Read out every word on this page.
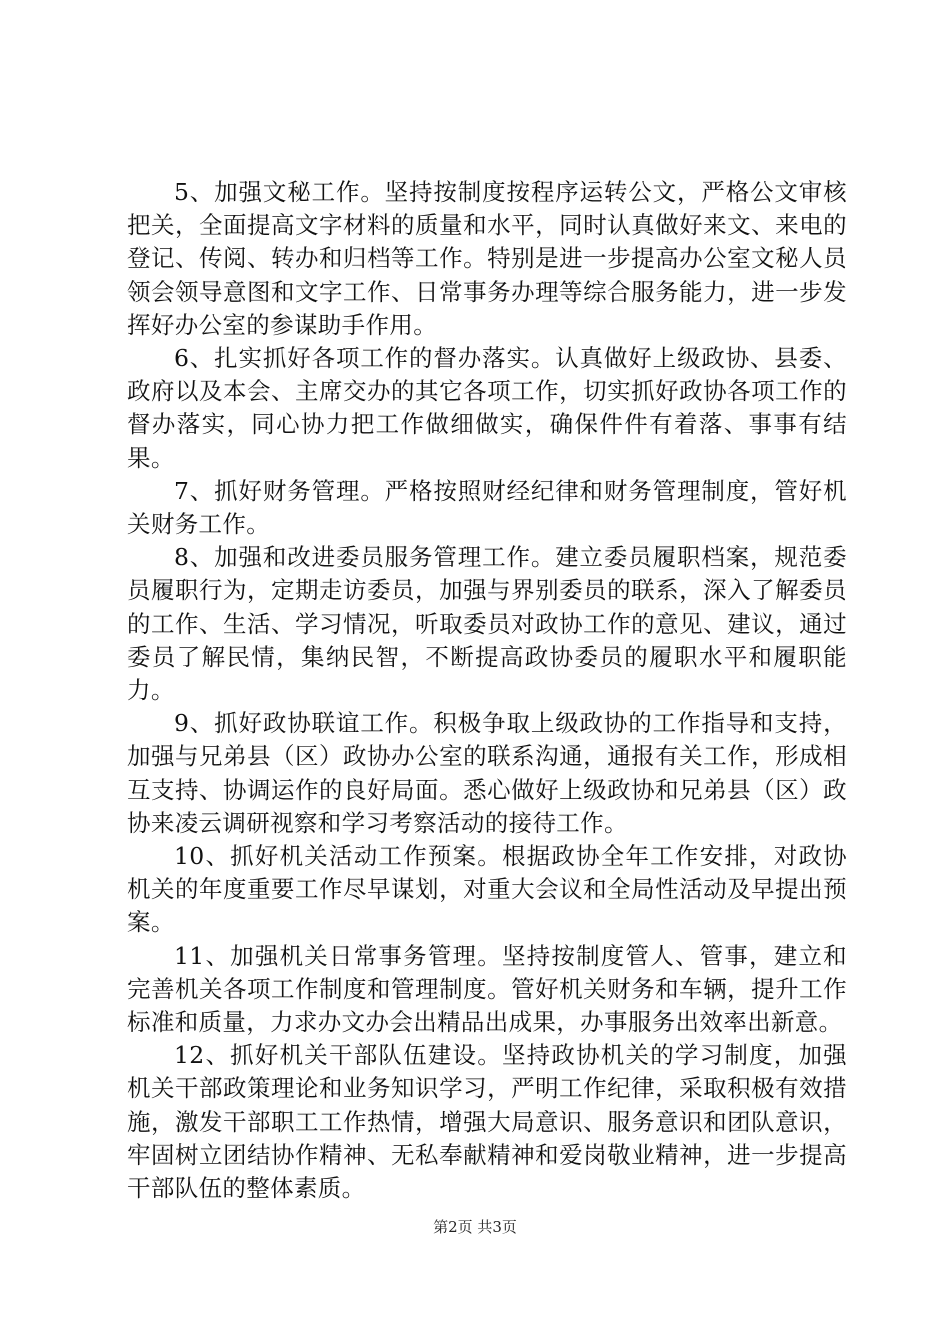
5、加强文秘工作。坚持按制度按程序运转公文，严格公文审核把关，全面提高文字材料的质量和水平，同时认真做好来文、来电的登记、传阅、转办和归档等工作。特别是进一步提高办公室文秘人员领会领导意图和文字工作、日常事务办理等综合服务能力，进一步发挥好办公室的参谋助手作用。

6、扎实抓好各项工作的督办落实。认真做好上级政协、县委、政府以及本会、主席交办的其它各项工作，切实抓好政协各项工作的督办落实，同心协力把工作做细做实，确保件件有着落、事事有结果。

7、抓好财务管理。严格按照财经纪律和财务管理制度，管好机关财务工作。

8、加强和改进委员服务管理工作。建立委员履职档案，规范委员履职行为，定期走访委员，加强与界别委员的联系，深入了解委员的工作、生活、学习情况，听取委员对政协工作的意见、建议，通过委员了解民情，集纳民智，不断提高政协委员的履职水平和履职能力。

9、抓好政协联谊工作。积极争取上级政协的工作指导和支持，加强与兄弟县（区）政协办公室的联系沟通，通报有关工作，形成相互支持、协调运作的良好局面。悉心做好上级政协和兄弟县（区）政协来凌云调研视察和学习考察活动的接待工作。

10、抓好机关活动工作预案。根据政协全年工作安排，对政协机关的年度重要工作尽早谋划，对重大会议和全局性活动及早提出预案。

11、加强机关日常事务管理。坚持按制度管人、管事，建立和完善机关各项工作制度和管理制度。管好机关财务和车辆，提升工作标准和质量，力求办文办会出精品出成果，办事服务出效率出新意。

12、抓好机关干部队伍建设。坚持政协机关的学习制度，加强机关干部政策理论和业务知识学习，严明工作纪律，采取积极有效措施，激发干部职工工作热情，增强大局意识、服务意识和团队意识，牢固树立团结协作精神、无私奉献精神和爱岗敬业精神，进一步提高干部队伍的整体素质。

第2页 共3页
